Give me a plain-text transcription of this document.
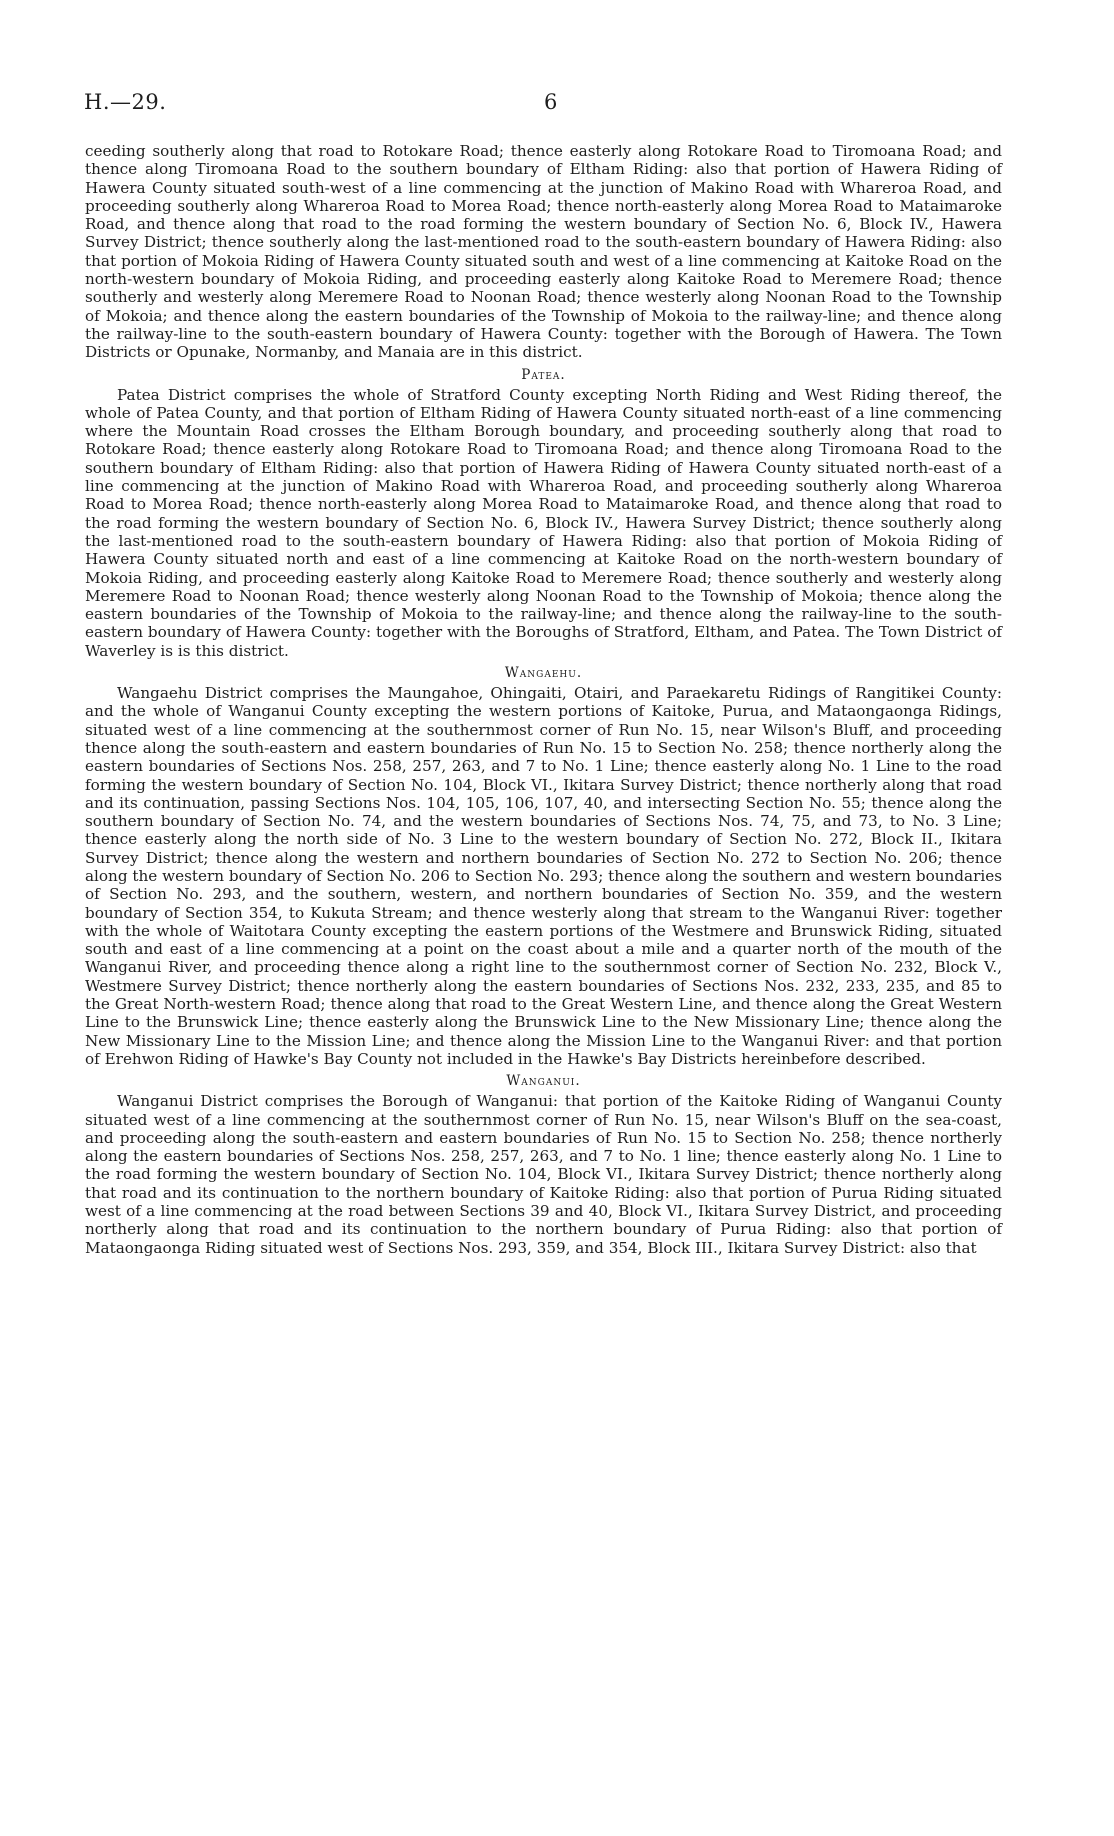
H.—29.	6

ceeding southerly along that road to Rotokare Road; thence easterly along Rotokare Road to Tiromoana Road; and thence along Tiromoana Road to the southern boundary of Eltham Riding: also that portion of Hawera Riding of Hawera County situated south-west of a line commencing at the junction of Makino Road with Whareroa Road, and proceeding southerly along Whareroa Road to Morea Road; thence north-easterly along Morea Road to Mataimaroke Road, and thence along that road to the road forming the western boundary of Section No. 6, Block IV., Hawera Survey District; thence southerly along the last-mentioned road to the south-eastern boundary of Hawera Riding: also that portion of Mokoia Riding of Hawera County situated south and west of a line commencing at Kaitoke Road on the north-western boundary of Mokoia Riding, and proceeding easterly along Kaitoke Road to Meremere Road; thence southerly and westerly along Meremere Road to Noonan Road; thence westerly along Noonan Road to the Township of Mokoia; and thence along the eastern boundaries of the Township of Mokoia to the railway-line; and thence along the railway-line to the south-eastern boundary of Hawera County: together with the Borough of Hawera. The Town Districts or Opunake, Normanby, and Manaia are in this district.

Patea.

Patea District comprises the whole of Stratford County excepting North Riding and West Riding thereof, the whole of Patea County, and that portion of Eltham Riding of Hawera County situated north-east of a line commencing where the Mountain Road crosses the Eltham Borough boundary, and proceeding southerly along that road to Rotokare Road; thence easterly along Rotokare Road to Tiromoana Road; and thence along Tiromoana Road to the southern boundary of Eltham Riding: also that portion of Hawera Riding of Hawera County situated north-east of a line commencing at the junction of Makino Road with Whareroa Road, and proceeding southerly along Whareroa Road to Morea Road; thence north-easterly along Morea Road to Mataimaroke Road, and thence along that road to the road forming the western boundary of Section No. 6, Block IV., Hawera Survey District; thence southerly along the last-mentioned road to the south-eastern boundary of Hawera Riding: also that portion of Mokoia Riding of Hawera County situated north and east of a line commencing at Kaitoke Road on the north-western boundary of Mokoia Riding, and proceeding easterly along Kaitoke Road to Meremere Road; thence southerly and westerly along Meremere Road to Noonan Road; thence westerly along Noonan Road to the Township of Mokoia; thence along the eastern boundaries of the Township of Mokoia to the railway-line; and thence along the railway-line to the south-eastern boundary of Hawera County: together with the Boroughs of Stratford, Eltham, and Patea. The Town District of Waverley is is this district.

Wangaehu.

Wangaehu District comprises the Maungahoe, Ohingaiti, Otairi, and Paraekaretu Ridings of Rangitikei County: and the whole of Wanganui County excepting the western portions of Kaitoke, Purua, and Mataongaonga Ridings, situated west of a line commencing at the southernmost corner of Run No. 15, near Wilson's Bluff, and proceeding thence along the south-eastern and eastern boundaries of Run No. 15 to Section No. 258; thence northerly along the eastern boundaries of Sections Nos. 258, 257, 263, and 7 to No. 1 Line; thence easterly along No. 1 Line to the road forming the western boundary of Section No. 104, Block VI., Ikitara Survey District; thence northerly along that road and its continuation, passing Sections Nos. 104, 105, 106, 107, 40, and intersecting Section No. 55; thence along the southern boundary of Section No. 74, and the western boundaries of Sections Nos. 74, 75, and 73, to No. 3 Line; thence easterly along the north side of No. 3 Line to the western boundary of Section No. 272, Block II., Ikitara Survey District; thence along the western and northern boundaries of Section No. 272 to Section No. 206; thence along the western boundary of Section No. 206 to Section No. 293; thence along the southern and western boundaries of Section No. 293, and the southern, western, and northern boundaries of Section No. 359, and the western boundary of Section 354, to Kukuta Stream; and thence westerly along that stream to the Wanganui River: together with the whole of Waitotara County excepting the eastern portions of the Westmere and Brunswick Riding, situated south and east of a line commencing at a point on the coast about a mile and a quarter north of the mouth of the Wanganui River, and proceeding thence along a right line to the southernmost corner of Section No. 232, Block V., Westmere Survey District; thence northerly along the eastern boundaries of Sections Nos. 232, 233, 235, and 85 to the Great North-western Road; thence along that road to the Great Western Line, and thence along the Great Western Line to the Brunswick Line; thence easterly along the Brunswick Line to the New Missionary Line; thence along the New Missionary Line to the Mission Line; and thence along the Mission Line to the Wanganui River: and that portion of Erehwon Riding of Hawke's Bay County not included in the Hawke's Bay Districts hereinbefore described.

Wanganui.

Wanganui District comprises the Borough of Wanganui: that portion of the Kaitoke Riding of Wanganui County situated west of a line commencing at the southernmost corner of Run No. 15, near Wilson's Bluff on the sea-coast, and proceeding along the south-eastern and eastern boundaries of Run No. 15 to Section No. 258; thence northerly along the eastern boundaries of Sections Nos. 258, 257, 263, and 7 to No. 1 line; thence easterly along No. 1 Line to the road forming the western boundary of Section No. 104, Block VI., Ikitara Survey District; thence northerly along that road and its continuation to the northern boundary of Kaitoke Riding: also that portion of Purua Riding situated west of a line commencing at the road between Sections 39 and 40, Block VI., Ikitara Survey District, and proceeding northerly along that road and its continuation to the northern boundary of Purua Riding: also that portion of Mataongaonga Riding situated west of Sections Nos. 293, 359, and 354, Block III., Ikitara Survey District: also that
